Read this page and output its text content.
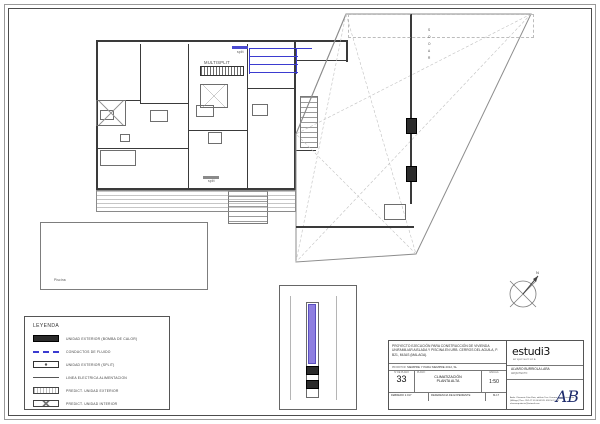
MULTISPLIT
Piscina
split
split
S
O
O
A
R
LEYENDA
UNIDAD EXTERIOR (BOMBA DE CALOR)
CONDUCTOS DE FLUIDO
UNIDAD EXTERIOR (SPLIT)
LINEA ELECTRICA ALIMENTACION
PREDICT. UNIDAD EXTERIOR
PREDICT. UNIDAD INTERIOR
N
PROYECTO EJECUCIÓN PARA CONSTRUCCIÓN DE VIVIENDA UNIFAMILIAR AISLADA Y PISCINA EN URB. CERROS DEL AGUILA, P. B21, MIJAS (MALAGA).
PROMOTOR: SIEMPRE Y PARA SIEMPRE 2012, SL
Nº DE PLANO
33
PLANO:
CLIMATIZACIÓN
PLANTA ALTA
ESCALA
1:50
FEBRERO 2.017	REFERENCIA DE EXPEDIENTE	M-17
estudi3
arquitectura
ALVARO BURRIOLA LARA
ARQUITECTO
Avda. Clemente Díaz Ruiz, edificio Tres Coronas, bajo. Fuengirola (Málaga) Tlno.: 952 47 31 64 MOVIL 659 50 15 64 alvaroarquitecto@hotmail.com	AB
